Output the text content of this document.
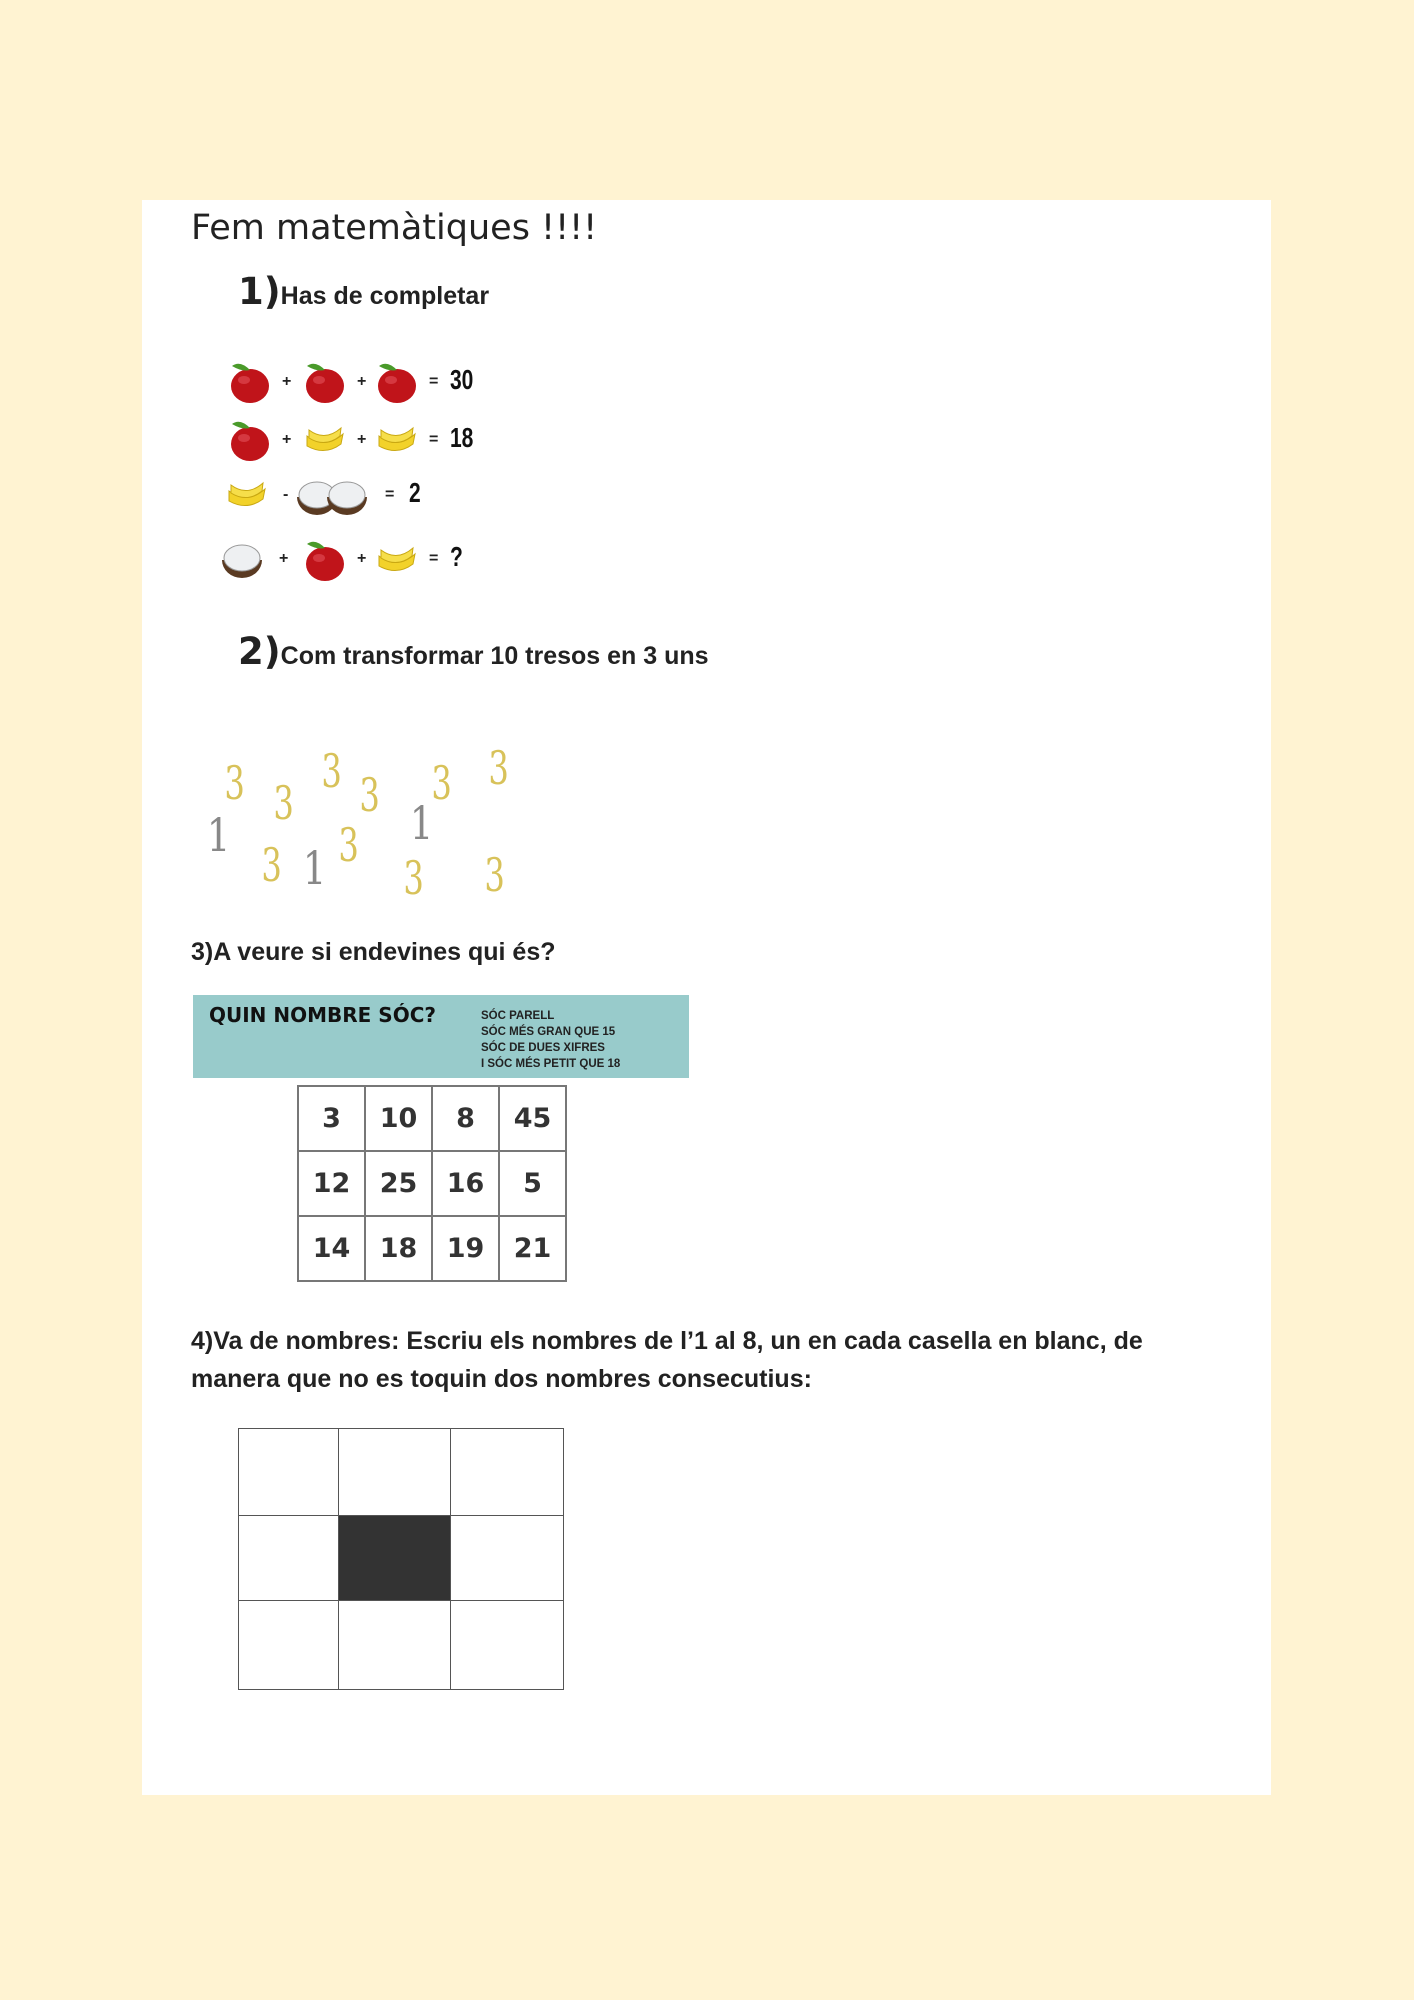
Fem matemàtiques !!!!
1)Has de completar
+	+	= 30
+	+	= 18
-	= 2
+	+	= ?
2)Com transformar 10 tresos en 3 uns
3 3
3 3 3 3
3 3
3 3
1
1
1
3)A veure si endevines qui és?
QUIN NOMBRE SÓC?	SÓC PARELL
SÓC MÉS GRAN QUE 15
SÓC DE DUES XIFRES
I SÓC MÉS PETIT QUE 18
3	10	8	45
12	25	16	5
14	18	19	21
4)Va de nombres: Escriu els nombres de l’1 al 8, un en cada casella en blanc, de
manera que no es toquin dos nombres consecutius:
